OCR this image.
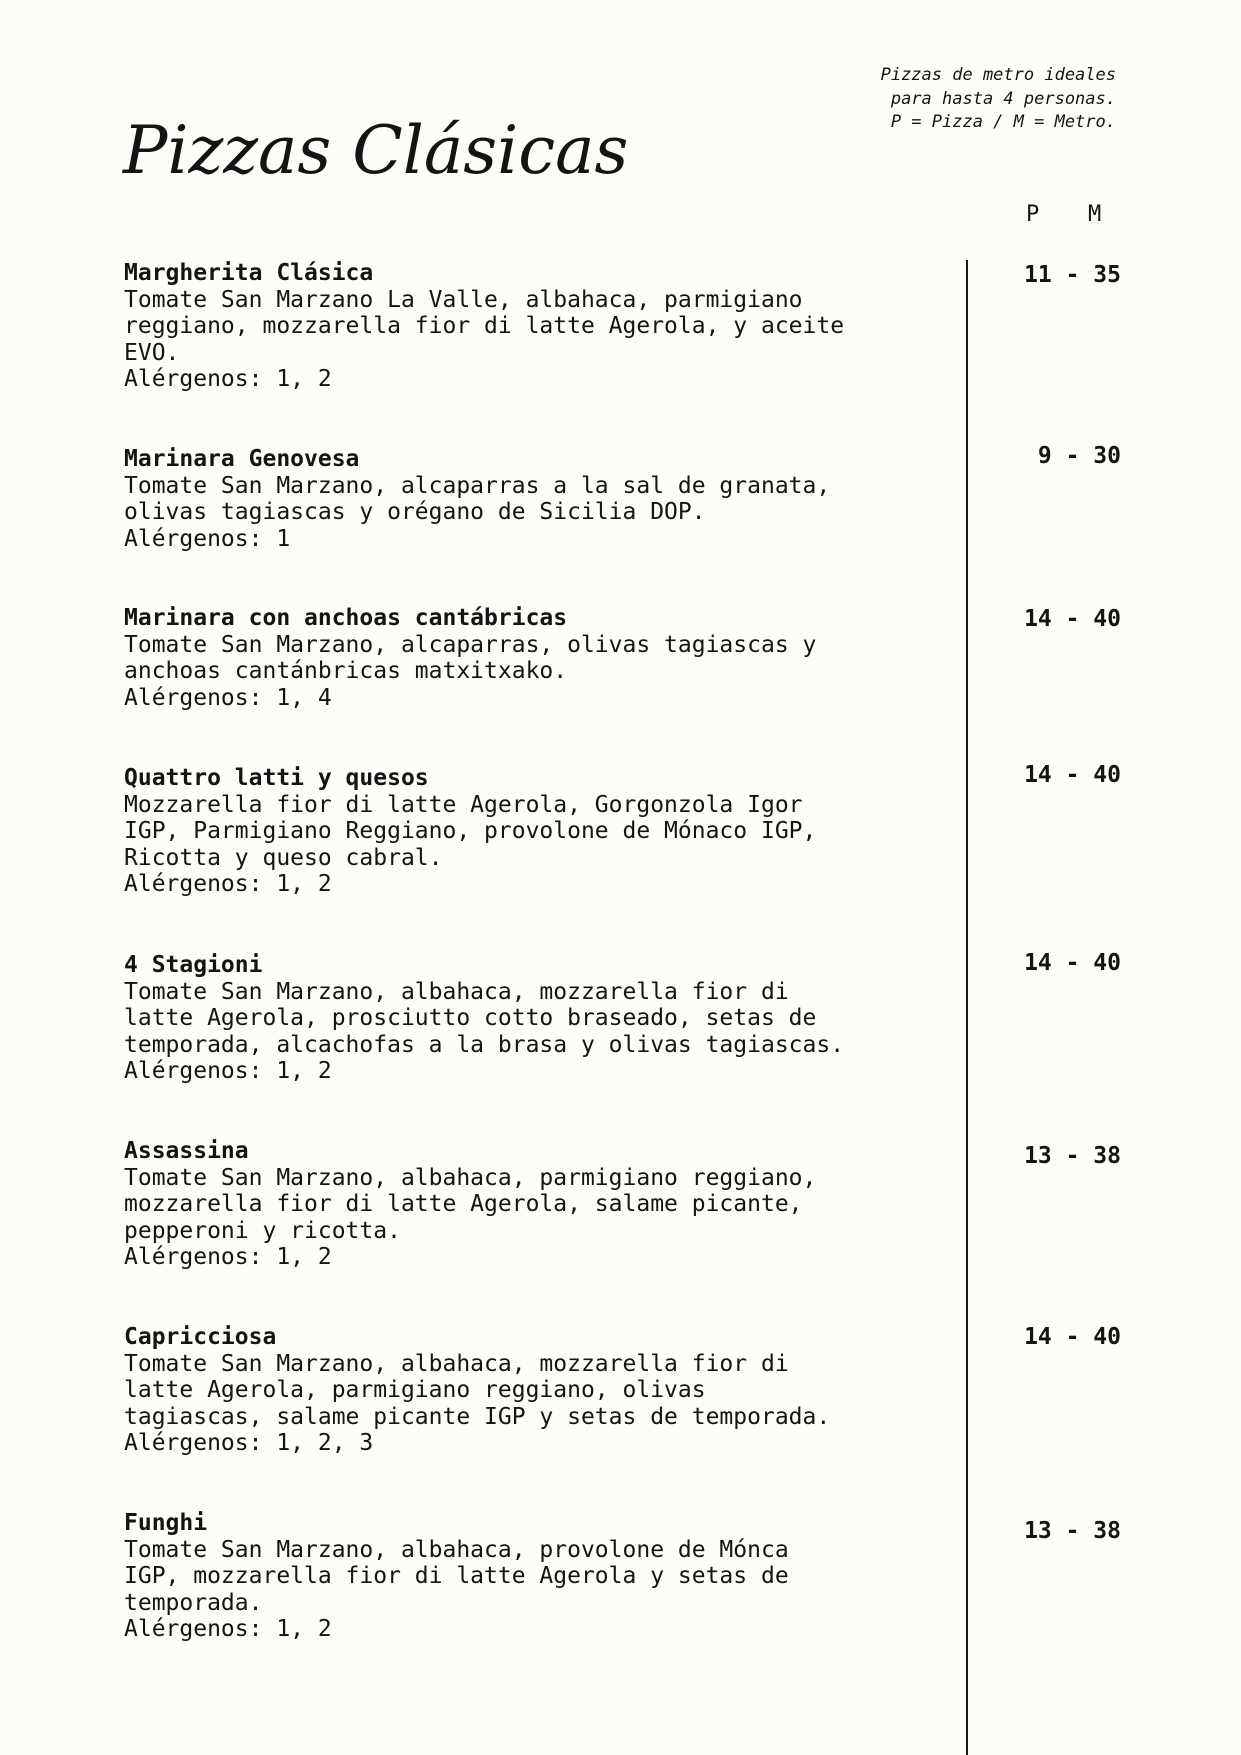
Pizzas Clásicas
Pizzas de metro ideales
para hasta 4 personas.
P = Pizza / M = Metro.
P M
Margherita Clásica
Tomate San Marzano La Valle, albahaca, parmigiano
reggiano, mozzarella fior di latte Agerola, y aceite
EVO.
Alérgenos: 1, 2
11 - 35
Marinara Genovesa
Tomate San Marzano, alcaparras a la sal de granata,
olivas tagiascas y orégano de Sicilia DOP.
Alérgenos: 1
9 - 30
Marinara con anchoas cantábricas
Tomate San Marzano, alcaparras, olivas tagiascas y
anchoas cantánbricas matxitxako.
Alérgenos: 1, 4
14 - 40
Quattro latti y quesos
Mozzarella fior di latte Agerola, Gorgonzola Igor
IGP, Parmigiano Reggiano, provolone de Mónaco IGP,
Ricotta y queso cabral.
Alérgenos: 1, 2
14 - 40
4 Stagioni
Tomate San Marzano, albahaca, mozzarella fior di
latte Agerola, prosciutto cotto braseado, setas de
temporada, alcachofas a la brasa y olivas tagiascas.
Alérgenos: 1, 2
14 - 40
Assassina
Tomate San Marzano, albahaca, parmigiano reggiano,
mozzarella fior di latte Agerola, salame picante,
pepperoni y ricotta.
Alérgenos: 1, 2
13 - 38
Capricciosa
Tomate San Marzano, albahaca, mozzarella fior di
latte Agerola, parmigiano reggiano, olivas
tagiascas, salame picante IGP y setas de temporada.
Alérgenos: 1, 2, 3
14 - 40
Funghi
Tomate San Marzano, albahaca, provolone de Mónca
IGP, mozzarella fior di latte Agerola y setas de
temporada.
Alérgenos: 1, 2
13 - 38
